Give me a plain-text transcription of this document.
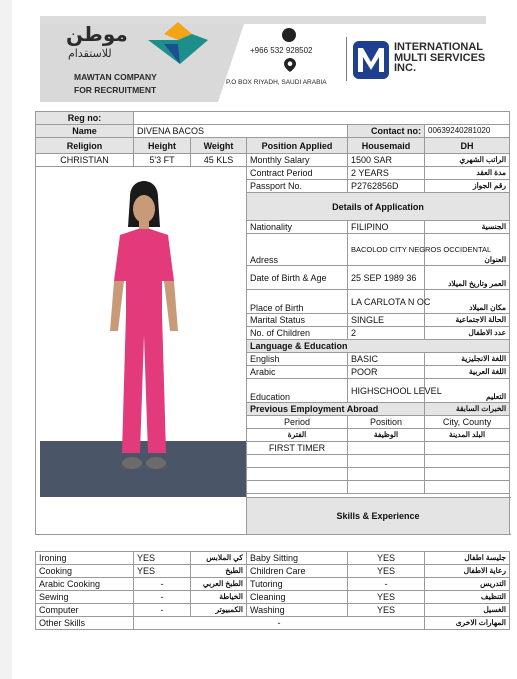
موطن
للاستقدام
MAWTAN COMPANY
FOR RECRUITMENT
+966 532 928502
P.O BOX RIYADH, SAUDI ARABIA
INTERNATIONAL
MULTI SERVICES
INC.
Reg no:					
Name	DIVENA BACOS			Contact no:	00639240281020
Religion	Height	Weight	Position Applied	Housemaid	DH
CHRISTIAN	5'3 FT	45 KLS	Monthly Salary	1500 SAR	الراتب الشهري

	Contract Period	2 YEARS	مدة العقد
			Passport No.	P2762856D	رقم الجواز
			Details of Application		
			Nationality	FILIPINO	الجنسية
			Adress	BACOLOD CITY NEGROS OCCIDENTAL	العنوان
			Date of Birth & Age	25 SEP 1989 36	العمر وتاريخ الميلاد
			Place of Birth	LA CARLOTA N OC	مكان الميلاد
			Marital Status	SINGLE	الحالة الاجتماعية
			No. of Children	2	عدد الاطفال
			Language & Education		
			English	BASIC	اللغة الانجليزية
			Arabic	POOR	اللغة العربية
			Education	HIGHSCHOOL LEVEL	التعليم
			Previous Employment Abroad		الخبرات السابقة
			Period	Position	City, County
			الفترة	الوظيفة	البلد المدينة
			FIRST TIMER		

			Skills & Experience		
Ironing	YES	كي الملابس	Baby Sitting	YES	جليسة اطفال
Cooking	YES	الطبخ	Children Care	YES	رعاية الاطفال
Arabic Cooking	-	الطبخ العربي	Tutoring	-	التدريس
Sewing	-	الخياطة	Cleaning	YES	التنظيف
Computer	-	الكمبيوتر	Washing	YES	الغسيل
Other Skills	-				المهارات الاخرى
